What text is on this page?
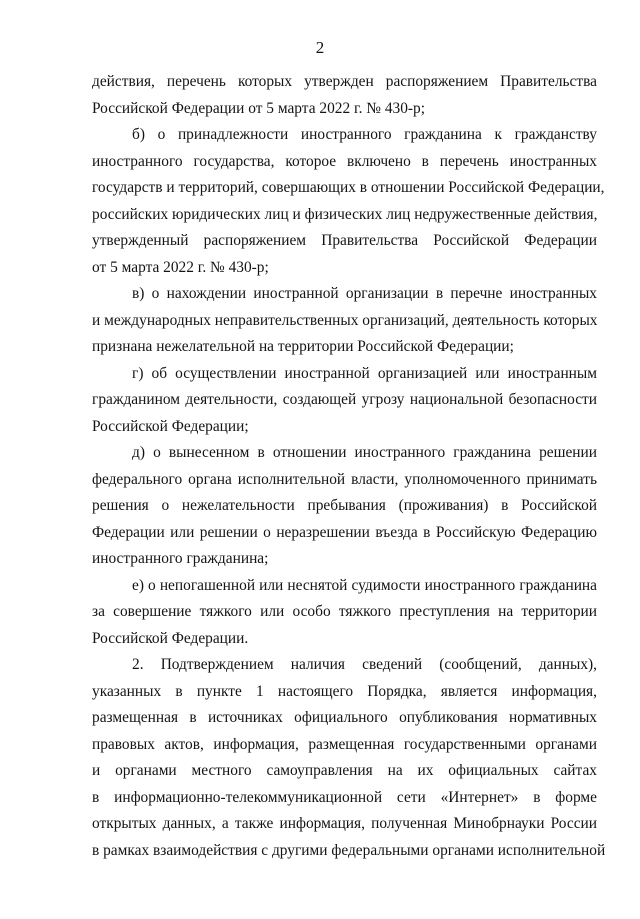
2
действия, перечень которых утвержден распоряжением Правительства
Российской Федерации от 5 марта 2022 г. № 430-р;
б) о принадлежности иностранного гражданина к гражданству
иностранного государства, которое включено в перечень иностранных
государств и территорий, совершающих в отношении Российской Федерации,
российских юридических лиц и физических лиц недружественные действия,
утвержденный распоряжением Правительства Российской Федерации
от 5 марта 2022 г. № 430-р;
в) о нахождении иностранной организации в перечне иностранных
и международных неправительственных организаций, деятельность которых
признана нежелательной на территории Российской Федерации;
г) об осуществлении иностранной организацией или иностранным
гражданином деятельности, создающей угрозу национальной безопасности
Российской Федерации;
д) о вынесенном в отношении иностранного гражданина решении
федерального органа исполнительной власти, уполномоченного принимать
решения о нежелательности пребывания (проживания) в Российской
Федерации или решении о неразрешении въезда в Российскую Федерацию
иностранного гражданина;
е) о непогашенной или неснятой судимости иностранного гражданина
за совершение тяжкого или особо тяжкого преступления на территории
Российской Федерации.
2. Подтверждением наличия сведений (сообщений, данных),
указанных в пункте 1 настоящего Порядка, является информация,
размещенная в источниках официального опубликования нормативных
правовых актов, информация, размещенная государственными органами
и органами местного самоуправления на их официальных сайтах
в информационно-телекоммуникационной сети «Интернет» в форме
открытых данных, а также информация, полученная Минобрнауки России
в рамках взаимодействия с другими федеральными органами исполнительной
